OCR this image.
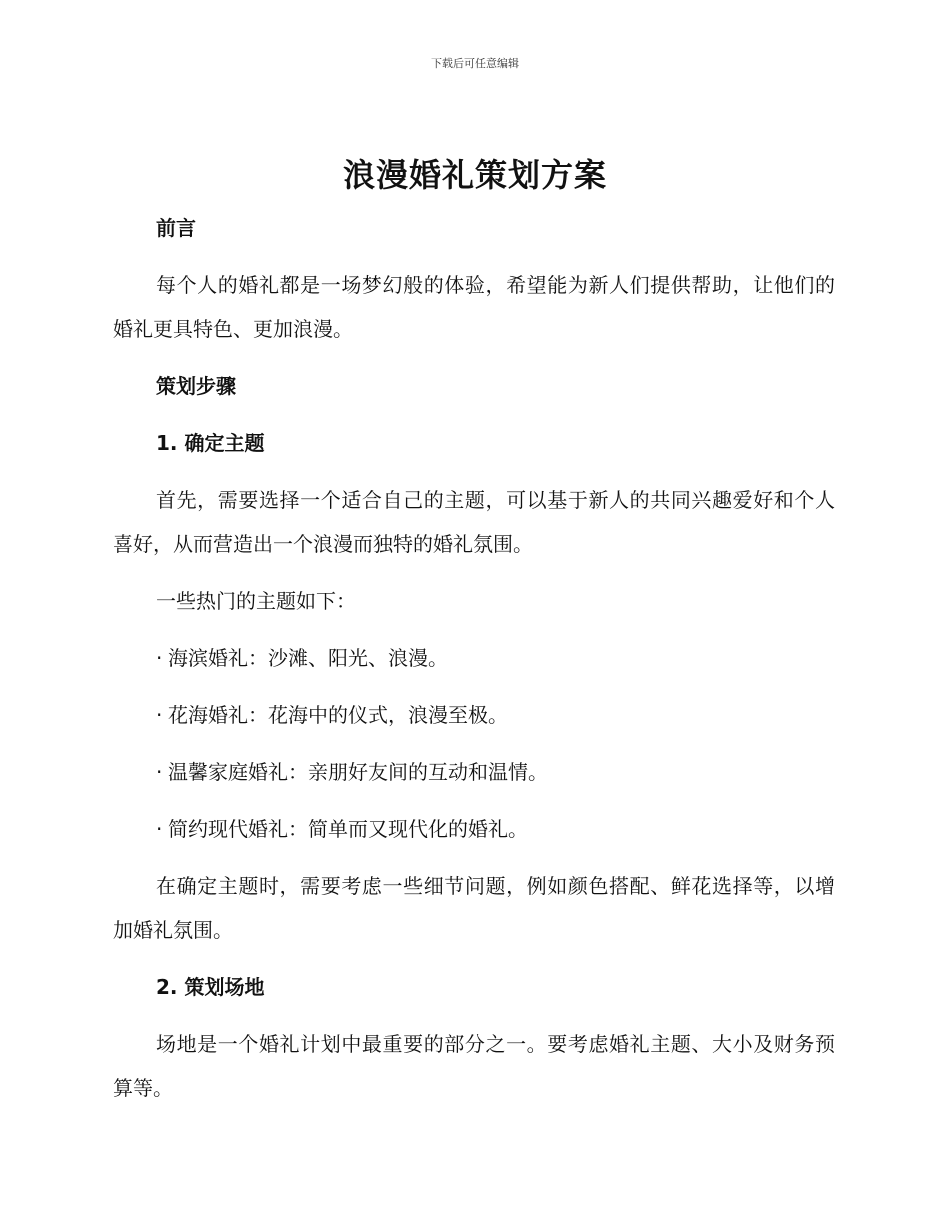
下载后可任意编辑
浪漫婚礼策划方案
前言
每个人的婚礼都是一场梦幻般的体验，希望能为新人们提供帮助，让他们的婚礼更具特色、更加浪漫。
策划步骤
1. 确定主题
首先，需要选择一个适合自己的主题，可以基于新人的共同兴趣爱好和个人喜好，从而营造出一个浪漫而独特的婚礼氛围。
一些热门的主题如下：
· 海滨婚礼：沙滩、阳光、浪漫。
· 花海婚礼：花海中的仪式，浪漫至极。
· 温馨家庭婚礼：亲朋好友间的互动和温情。
· 简约现代婚礼：简单而又现代化的婚礼。
在确定主题时，需要考虑一些细节问题，例如颜色搭配、鲜花选择等，以增加婚礼氛围。
2. 策划场地
场地是一个婚礼计划中最重要的部分之一。要考虑婚礼主题、大小及财务预算等。
